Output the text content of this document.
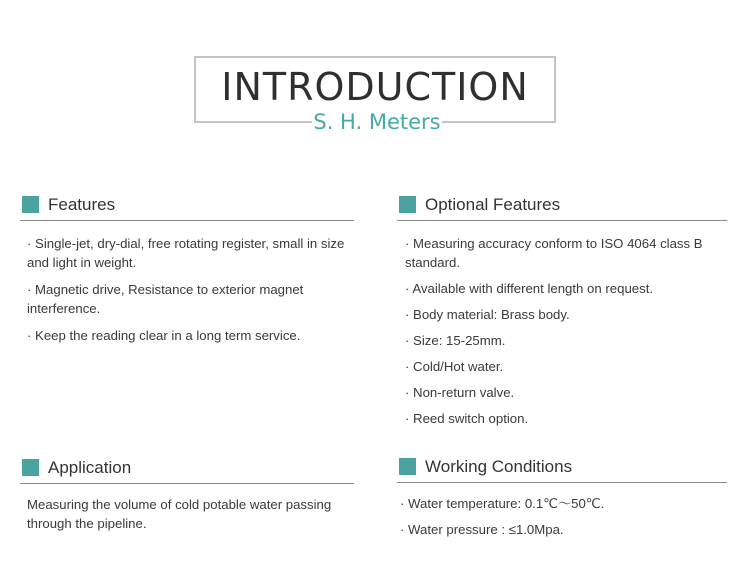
INTRODUCTION
S. H. Meters
Features
· Single-jet, dry-dial, free rotating register, small in size and light in weight.
· Magnetic drive, Resistance to exterior magnet interference.
· Keep the reading clear in a long term service.
Optional Features
· Measuring accuracy conform to ISO 4064 class B standard.
· Available with different length on request.
· Body material: Brass body.
· Size: 15-25mm.
· Cold/Hot water.
· Non-return valve.
· Reed switch option.
Application
Measuring the volume of cold potable water passing through the pipeline.
Working Conditions
· Water temperature: 0.1℃～50℃.
· Water pressure : ≤1.0Mpa.
